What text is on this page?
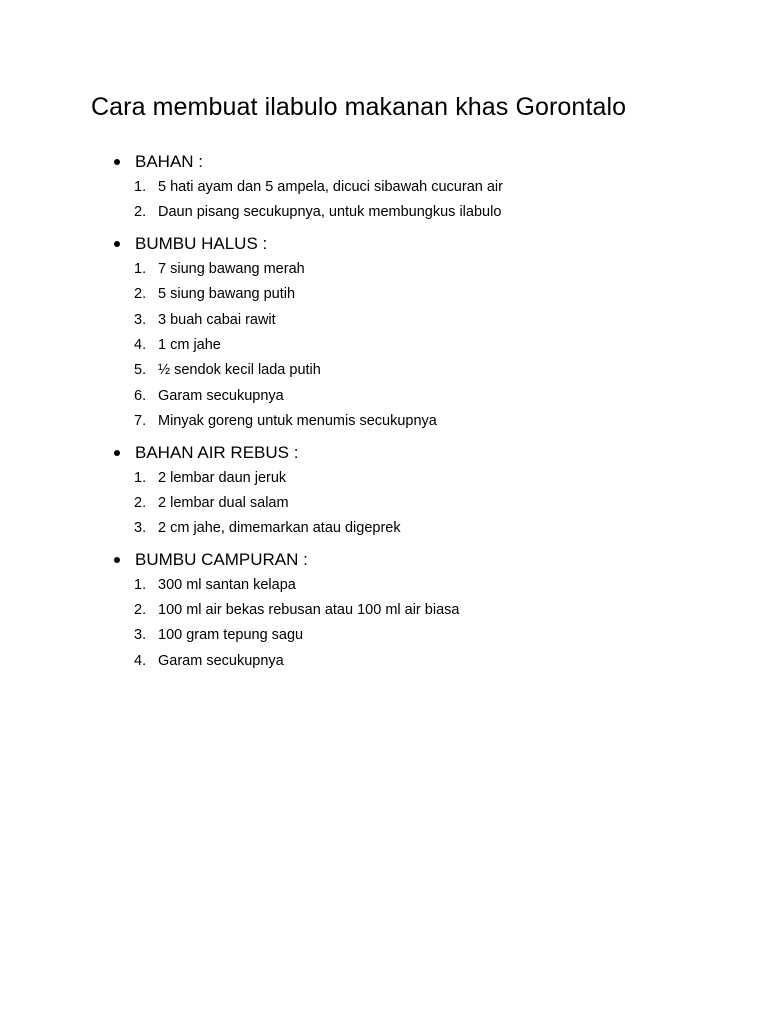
Cara membuat ilabulo makanan khas Gorontalo
BAHAN :
1. 5 hati ayam dan 5 ampela, dicuci sibawah cucuran air
2. Daun pisang secukupnya, untuk membungkus ilabulo
BUMBU HALUS :
1. 7 siung bawang merah
2. 5 siung bawang putih
3. 3 buah cabai rawit
4. 1 cm jahe
5. ½ sendok kecil lada putih
6. Garam secukupnya
7. Minyak goreng untuk menumis secukupnya
BAHAN AIR REBUS :
1. 2 lembar daun jeruk
2. 2 lembar dual salam
3. 2 cm jahe, dimemarkan atau digeprek
BUMBU CAMPURAN :
1. 300 ml santan kelapa
2. 100 ml air bekas rebusan atau 100 ml air biasa
3. 100 gram tepung sagu
4. Garam secukupnya
